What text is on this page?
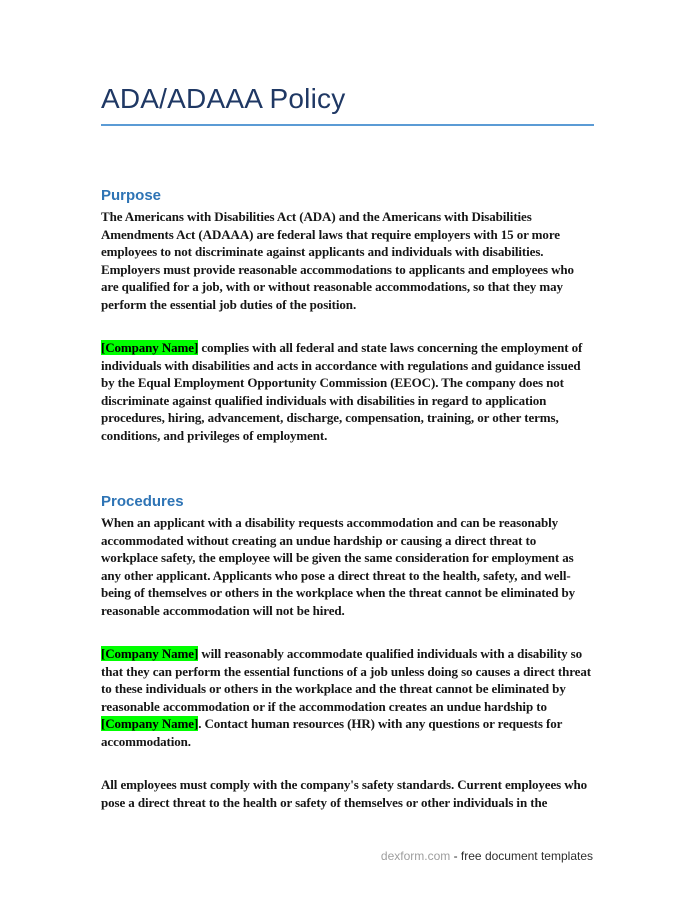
ADA/ADAAA Policy
Purpose

The Americans with Disabilities Act (ADA) and the Americans with Disabilities Amendments Act (ADAAA) are federal laws that require employers with 15 or more employees to not discriminate against applicants and individuals with disabilities. Employers must provide reasonable accommodations to applicants and employees who are qualified for a job, with or without reasonable accommodations, so that they may perform the essential job duties of the position.

[Company Name] complies with all federal and state laws concerning the employment of individuals with disabilities and acts in accordance with regulations and guidance issued by the Equal Employment Opportunity Commission (EEOC). The company does not discriminate against qualified individuals with disabilities in regard to application procedures, hiring, advancement, discharge, compensation, training, or other terms, conditions, and privileges of employment.

Procedures

When an applicant with a disability requests accommodation and can be reasonably accommodated without creating an undue hardship or causing a direct threat to workplace safety, the employee will be given the same consideration for employment as any other applicant. Applicants who pose a direct threat to the health, safety, and well-being of themselves or others in the workplace when the threat cannot be eliminated by reasonable accommodation will not be hired.

[Company Name] will reasonably accommodate qualified individuals with a disability so that they can perform the essential functions of a job unless doing so causes a direct threat to these individuals or others in the workplace and the threat cannot be eliminated by reasonable accommodation or if the accommodation creates an undue hardship to [Company Name]. Contact human resources (HR) with any questions or requests for accommodation.

All employees must comply with the company's safety standards. Current employees who pose a direct threat to the health or safety of themselves or other individuals in the

dexform.com - free document templates
